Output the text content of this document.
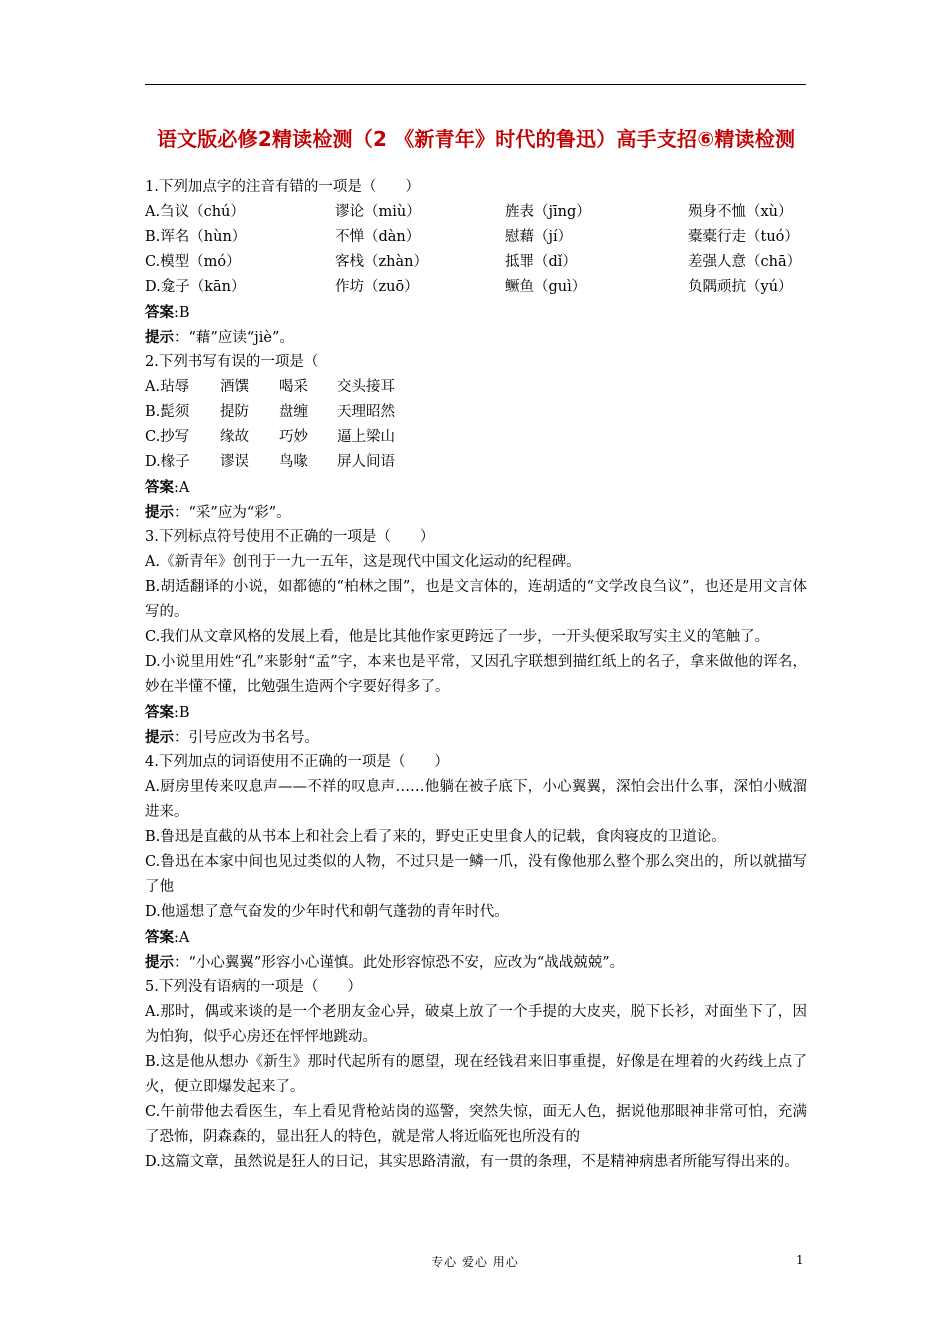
语文版必修2精读检测（2 《新青年》时代的鲁迅）高手支招⑥精读检测
1.下列加点字的注音有错的一项是（　　）
A.刍议（chú）	谬论（miù）	旌表（jīng）	殒身不恤（xù）
B.诨名（hùn）	不惮（dàn）	慰藉（jí）	橐橐行走（tuó）
C.模型（mó）	客栈（zhàn）	抵罪（dǐ）	差强人意（chā）
D.龛子（kān）	作坊（zuō）	鳜鱼（guì）	负隅顽抗（yú）
答案:B
提示：“藉”应读“jiè”。
2.下列书写有误的一项是（
A.玷辱	酒馔	喝采	交头接耳
B.髭须	提防	盘缠	天理昭然
C.抄写	缘故	巧妙	逼上梁山
D.椽子	谬误	鸟喙	屏人间语
答案:A
提示：“采”应为“彩”。
3.下列标点符号使用不正确的一项是（　　）
A.《新青年》创刊于一九一五年，这是现代中国文化运动的纪程碑。
B.胡适翻译的小说，如都德的“柏林之围”，也是文言体的，连胡适的“文学改良刍议”，也还是用文言体写的。
C.我们从文章风格的发展上看，他是比其他作家更跨远了一步，一开头便采取写实主义的笔触了。
D.小说里用姓“孔”来影射“孟”字，本来也是平常，又因孔字联想到描红纸上的名子，拿来做他的诨名，妙在半懂不懂，比勉强生造两个字要好得多了。
答案:B
提示：引号应改为书名号。
4.下列加点的词语使用不正确的一项是（　　）
A.厨房里传来叹息声——不祥的叹息声……他躺在被子底下，小心翼翼，深怕会出什么事，深怕小贼溜进来。
B.鲁迅是直截的从书本上和社会上看了来的，野史正史里食人的记载，食肉寝皮的卫道论。
C.鲁迅在本家中间也见过类似的人物，不过只是一鳞一爪，没有像他那么整个那么突出的，所以就描写了他
D.他遥想了意气奋发的少年时代和朝气蓬勃的青年时代。
答案:A
提示：“小心翼翼”形容小心谨慎。此处形容惊恐不安，应改为“战战兢兢”。
5.下列没有语病的一项是（　　）
A.那时，偶或来谈的是一个老朋友金心异，破桌上放了一个手提的大皮夹，脱下长衫，对面坐下了，因为怕狗，似乎心房还在怦怦地跳动。
B.这是他从想办《新生》那时代起所有的愿望，现在经钱君来旧事重提，好像是在埋着的火药线上点了火，便立即爆发起来了。
C.午前带他去看医生，车上看见背枪站岗的巡警，突然失惊，面无人色，据说他那眼神非常可怕，充满了恐怖，阴森森的，显出狂人的特色，就是常人将近临死也所没有的
D.这篇文章，虽然说是狂人的日记，其实思路清澈，有一贯的条理，不是精神病患者所能写得出来的。
专心 爱心 用心	1
